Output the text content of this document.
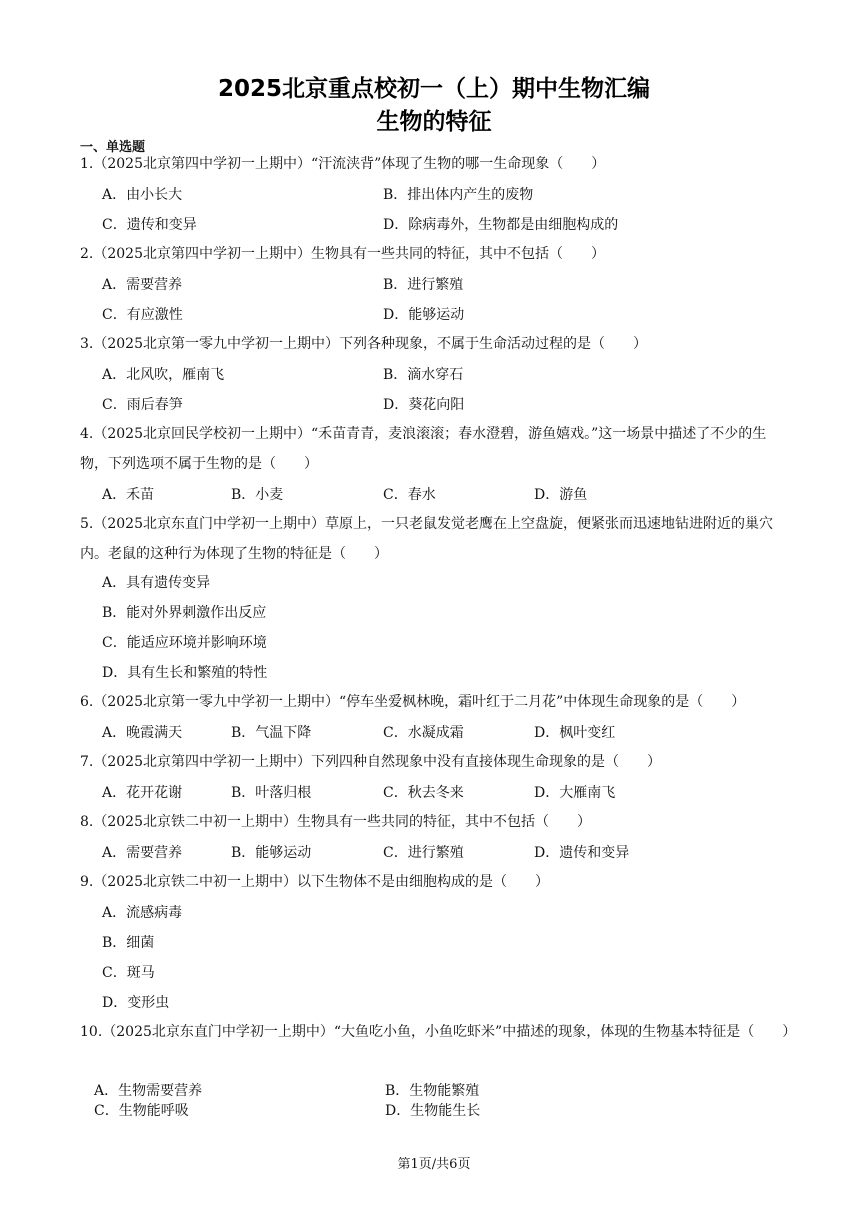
2025北京重点校初一（上）期中生物汇编
生物的特征
一、单选题
1.（2025北京第四中学初一上期中）“汗流浃背”体现了生物的哪一生命现象（　　）
A．由小长大	B．排出体内产生的废物
C．遗传和变异	D．除病毒外，生物都是由细胞构成的
2.（2025北京第四中学初一上期中）生物具有一些共同的特征，其中不包括（　　）
A．需要营养	B．进行繁殖
C．有应激性	D．能够运动
3.（2025北京第一零九中学初一上期中）下列各种现象，不属于生命活动过程的是（　　）
A．北风吹，雁南飞	B．滴水穿石
C．雨后春笋	D．葵花向阳
4.（2025北京回民学校初一上期中）“禾苗青青，麦浪滚滚；春水澄碧，游鱼嬉戏。”这一场景中描述了不少的生物，下列选项不属于生物的是（　　）
A．禾苗	B．小麦	C．春水	D．游鱼
5.（2025北京东直门中学初一上期中）草原上，一只老鼠发觉老鹰在上空盘旋，便紧张而迅速地钻进附近的巢穴内。老鼠的这种行为体现了生物的特征是（　　）
A．具有遗传变异
B．能对外界刺激作出反应
C．能适应环境并影响环境
D．具有生长和繁殖的特性
6.（2025北京第一零九中学初一上期中）“停车坐爱枫林晚，霜叶红于二月花”中体现生命现象的是（　　）
A．晚霞满天	B．气温下降	C．水凝成霜	D．枫叶变红
7.（2025北京第四中学初一上期中）下列四种自然现象中没有直接体现生命现象的是（　　）
A．花开花谢	B．叶落归根	C．秋去冬来	D．大雁南飞
8.（2025北京铁二中初一上期中）生物具有一些共同的特征，其中不包括（　　）
A．需要营养	B．能够运动	C．进行繁殖	D．遗传和变异
9.（2025北京铁二中初一上期中）以下生物体不是由细胞构成的是（　　）
A．流感病毒
B．细菌
C．斑马
D．变形虫
10.（2025北京东直门中学初一上期中）“大鱼吃小鱼，小鱼吃虾米”中描述的现象，体现的生物基本特征是（　　）
A．生物需要营养	B．生物能繁殖
C．生物能呼吸	D．生物能生长
第1页/共6页
